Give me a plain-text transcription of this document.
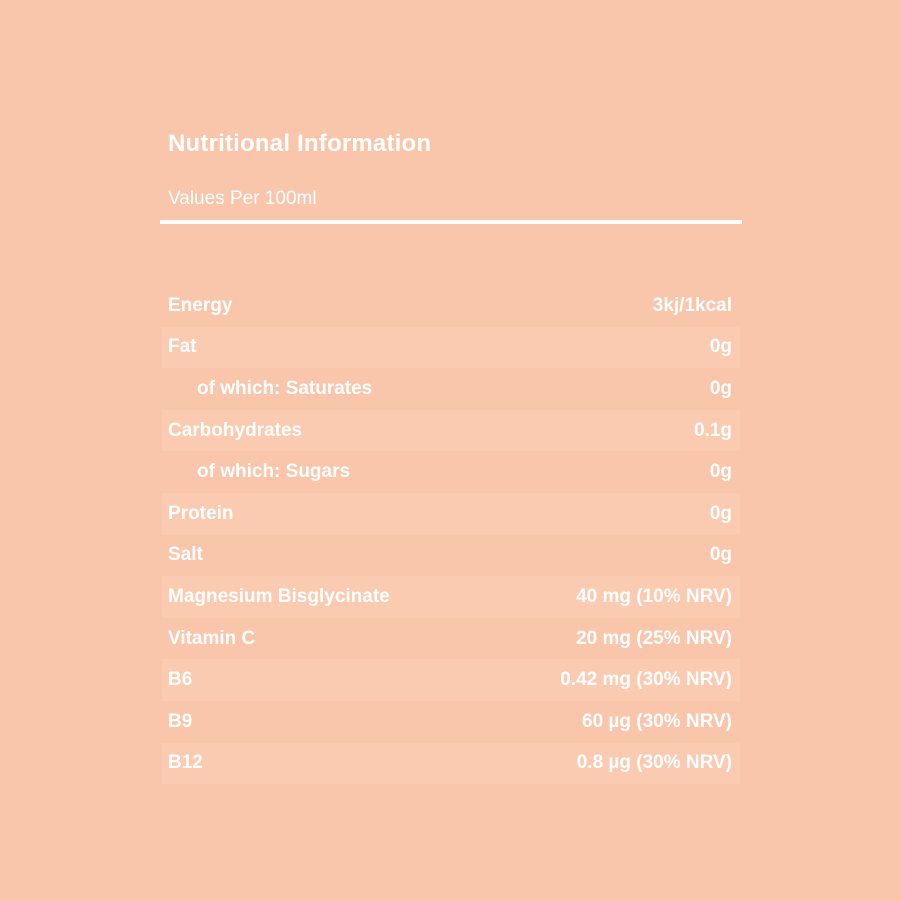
Nutritional Information
Values Per 100ml
Energy	3kj/1kcal
Fat	0g
of which: Saturates	0g
Carbohydrates	0.1g
of which: Sugars	0g
Protein	0g
Salt	0g
Magnesium Bisglycinate	40 mg (10% NRV)
Vitamin C	20 mg (25% NRV)
B6	0.42 mg (30% NRV)
B9	60 µg (30% NRV)
B12	0.8 µg (30% NRV)
